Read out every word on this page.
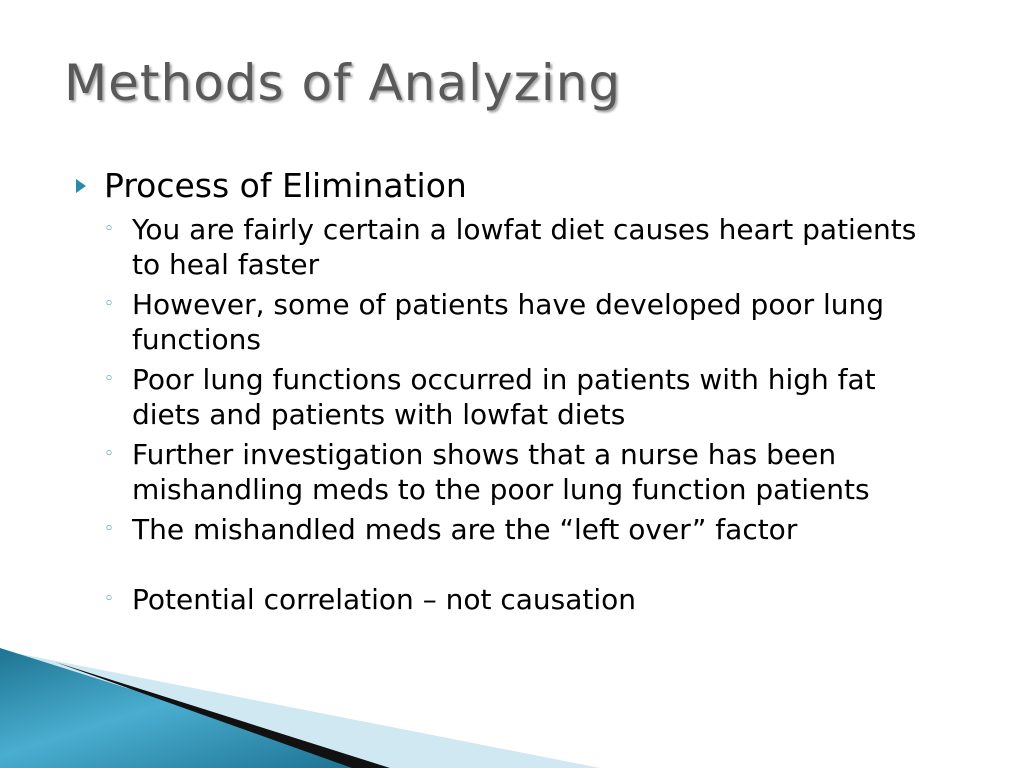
Methods of Analyzing
Process of Elimination
◦ You are fairly certain a lowfat diet causes heart patients to heal faster
◦ However, some of patients have developed poor lung functions
◦ Poor lung functions occurred in patients with high fat diets and patients with lowfat diets
◦ Further investigation shows that a nurse has been mishandling meds to the poor lung function patients
◦ The mishandled meds are the “left over” factor
◦ Potential correlation – not causation
